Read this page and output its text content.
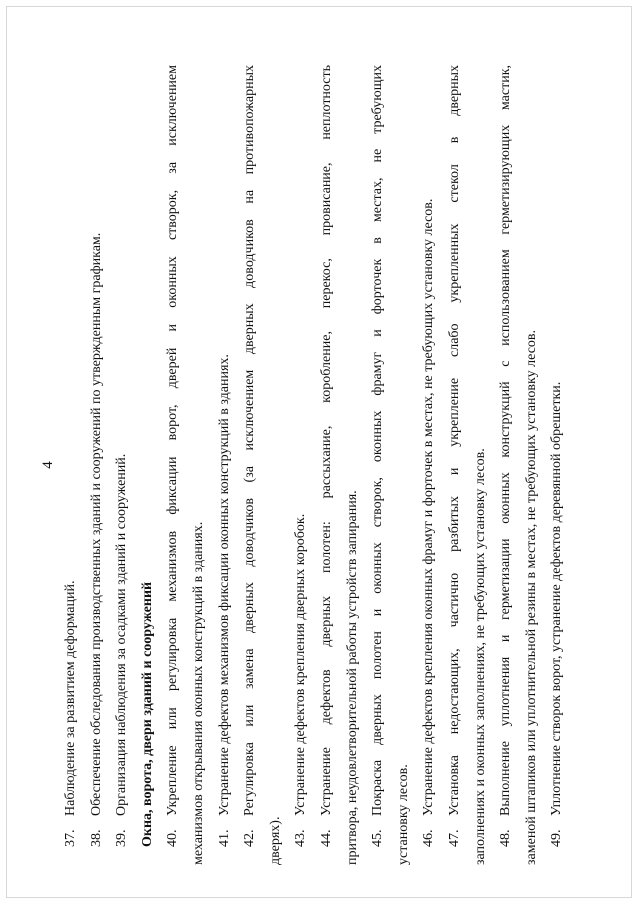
4
37.Наблюдение за развитием деформаций.
38.Обеспечение обследования производственных зданий и сооружений по утвержденным графикам.
39.Организация наблюдения за осадками зданий и сооружений. Окна, ворота, двери зданий и сооружений 40.Укрепление или регулировка механизмов фиксации ворот, дверей и оконных створок, за исключением механизмов открывания оконных конструкций в зданиях. 41.Устранение дефектов механизмов фиксации оконных конструкций в зданиях.
42.Регулировка или замена дверных доводчиков (за исключением дверных доводчиков на противопожарных
дверях). 43.Устранение дефектов крепления дверных коробок.
44.Устранение дефектов дверных полотен: рассыхание, коробление, перекос, провисание, неплотность притвора, неудовлетворительной работы устройств запирания. 45.Покраска дверных полотен и оконных створок, оконных фрамуг и форточек в местах, не требующих установку лесов. 46.Устранение дефектов крепления оконных фрамуг и форточек в местах, не требующих установку лесов.
47.Установка недостающих, частично разбитых и укрепление слабо укрепленных стекол в дверных заполнениях и оконных заполнениях, не требующих установку лесов. 48.Выполнение уплотнения и герметизации оконных конструкций с использованием герметизирующих мастик, заменой штапиков или уплотнительной резины в местах, не требующих установку лесов. 49.Уплотнение створок ворот, устранение дефектов деревянной обрешетки.
